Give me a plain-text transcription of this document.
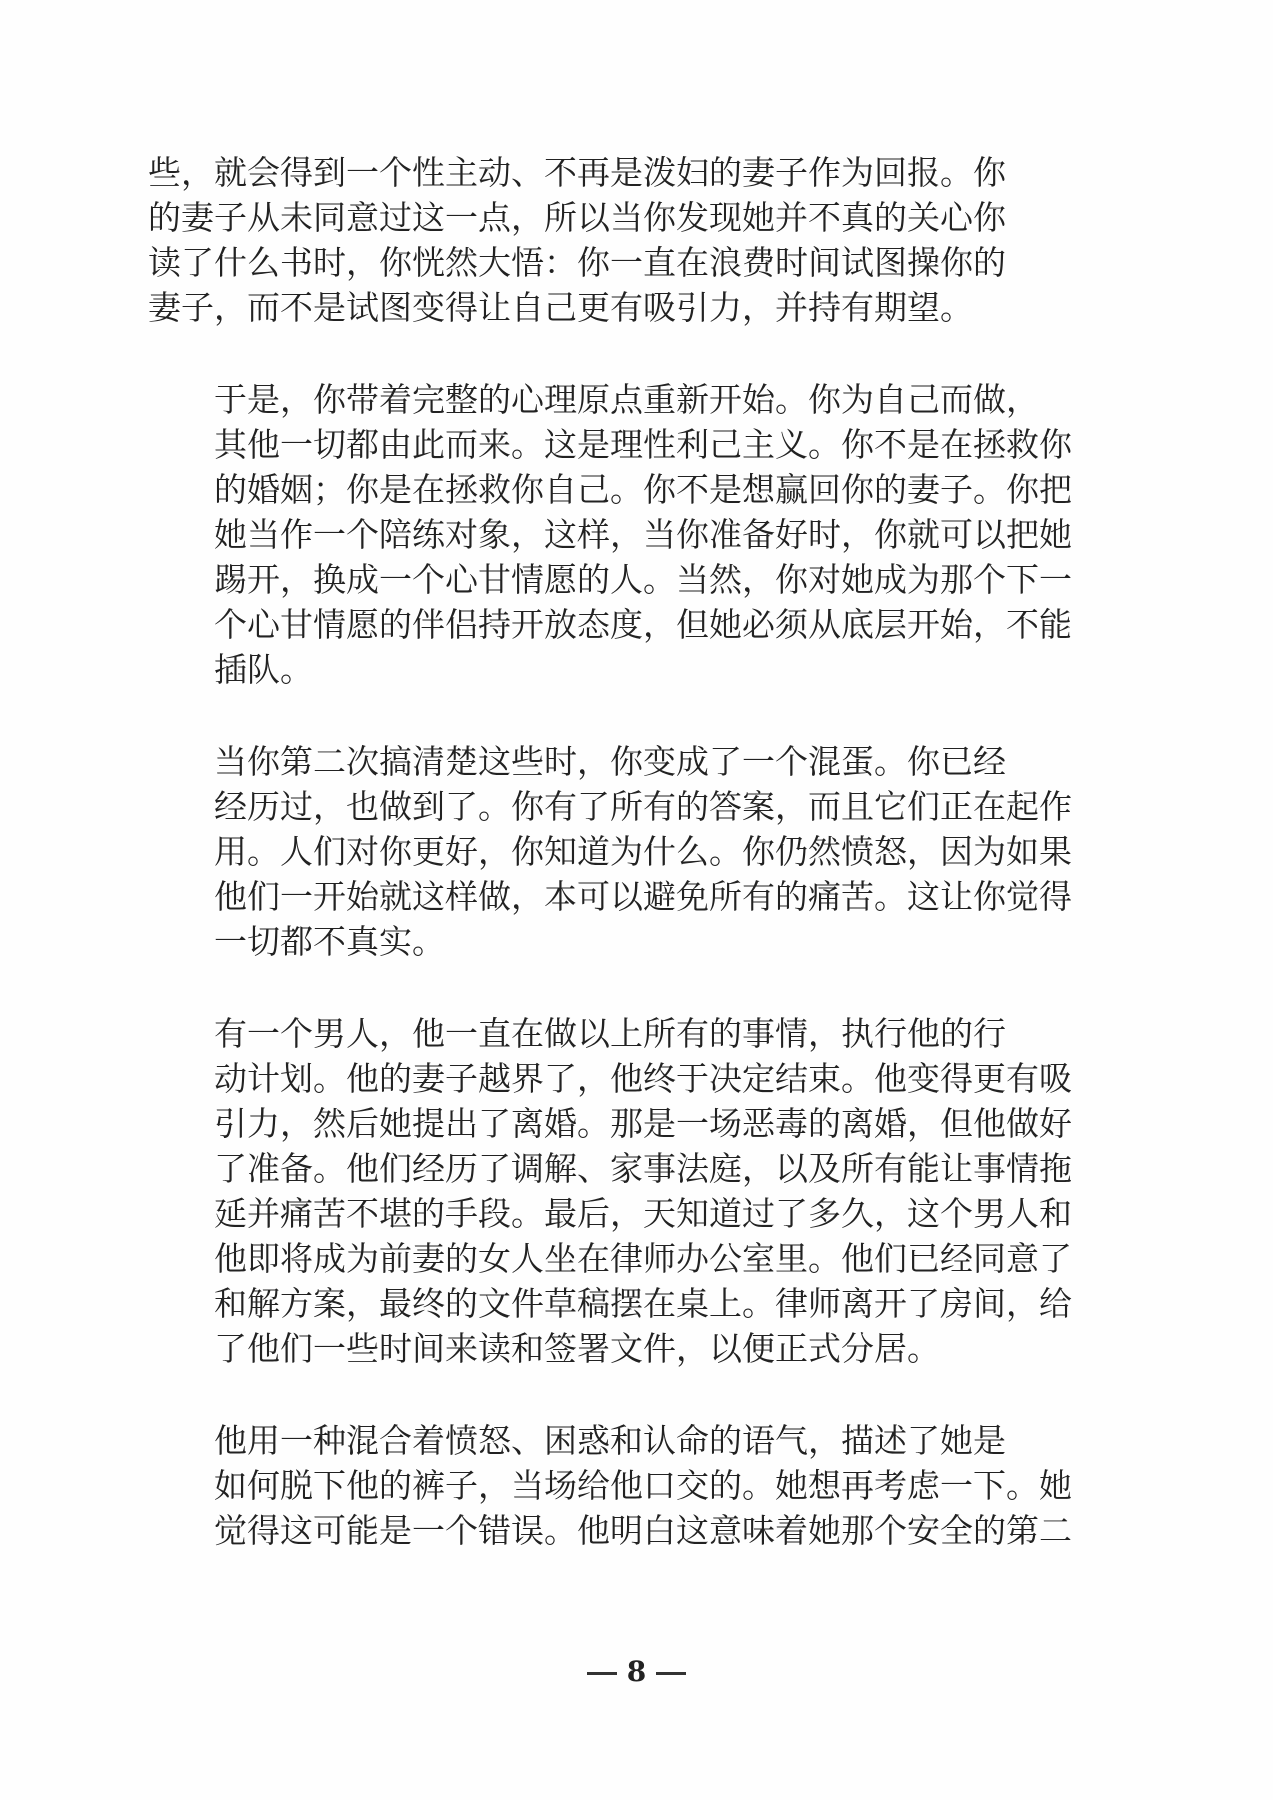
些，就会得到一个性主动、不再是泼妇的妻子作为回报。你
的妻子从未同意过这一点，所以当你发现她并不真的关心你
读了什么书时，你恍然大悟：你一直在浪费时间试图操你的
妻子，而不是试图变得让自己更有吸引力，并持有期望。

于是，你带着完整的心理原点重新开始。你为自己而做，
其他一切都由此而来。这是理性利己主义。你不是在拯救你
的婚姻；你是在拯救你自己。你不是想赢回你的妻子。你把
她当作一个陪练对象，这样，当你准备好时，你就可以把她
踢开，换成一个心甘情愿的人。当然，你对她成为那个下一
个心甘情愿的伴侣持开放态度，但她必须从底层开始，不能
插队。

当你第二次搞清楚这些时，你变成了一个混蛋。你已经
经历过，也做到了。你有了所有的答案，而且它们正在起作
用。人们对你更好，你知道为什么。你仍然愤怒，因为如果
他们一开始就这样做，本可以避免所有的痛苦。这让你觉得
一切都不真实。

有一个男人，他一直在做以上所有的事情，执行他的行
动计划。他的妻子越界了，他终于决定结束。他变得更有吸
引力，然后她提出了离婚。那是一场恶毒的离婚，但他做好
了准备。他们经历了调解、家事法庭，以及所有能让事情拖
延并痛苦不堪的手段。最后，天知道过了多久，这个男人和
他即将成为前妻的女人坐在律师办公室里。他们已经同意了
和解方案，最终的文件草稿摆在桌上。律师离开了房间，给
了他们一些时间来读和签署文件，以便正式分居。

他用一种混合着愤怒、困惑和认命的语气，描述了她是
如何脱下他的裤子，当场给他口交的。她想再考虑一下。她
觉得这可能是一个错误。他明白这意味着她那个安全的第二

8
